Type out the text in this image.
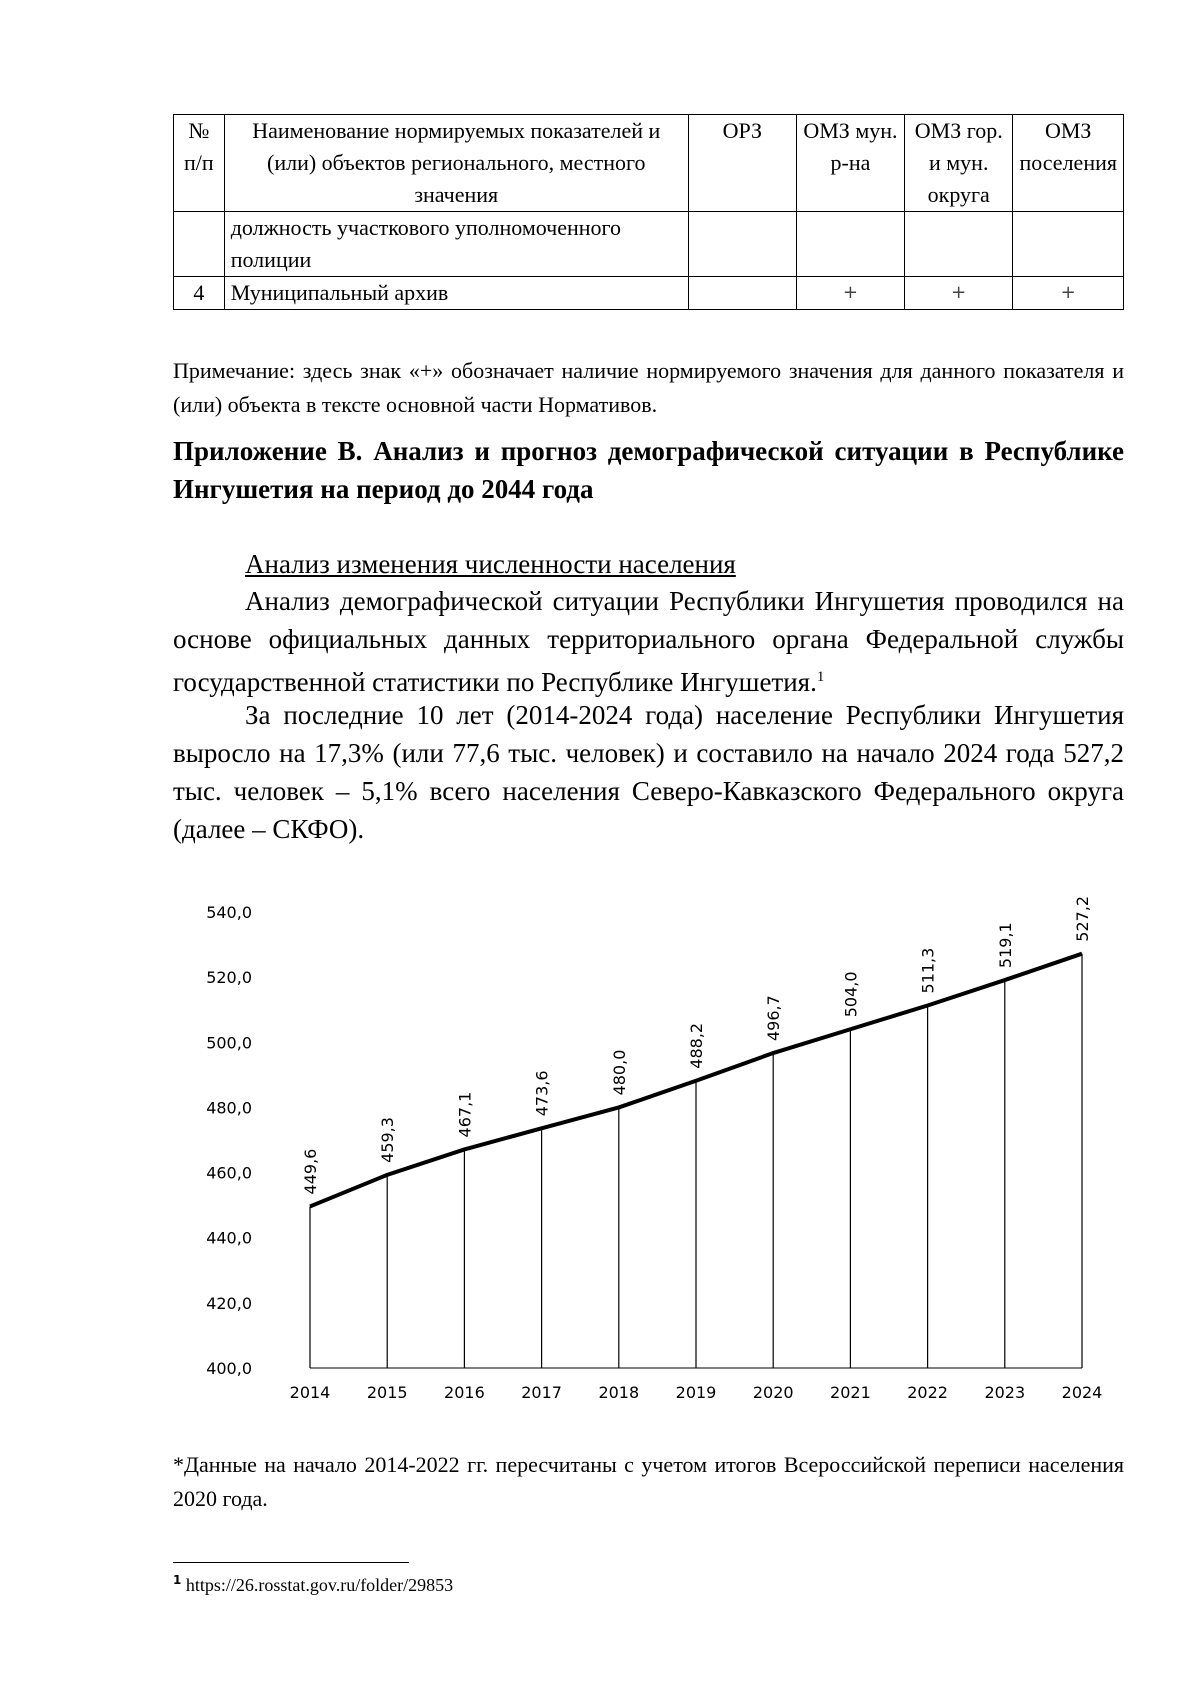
№ п/п	Наименование нормируемых показателей и (или) объектов регионального, местного значения	ОРЗ	ОМЗ мун. р-на	ОМЗ гор. и мун. округа	ОМЗ поселения
	должность участкового уполномоченного полиции				
4	Муниципальный архив		+	+	+
Примечание: здесь знак «+» обозначает наличие нормируемого значения для данного показателя и (или) объекта в тексте основной части Нормативов.
Приложение В. Анализ и прогноз демографической ситуации в Республике Ингушетия на период до 2044 года
Анализ изменения численности населения
Анализ демографической ситуации Республики Ингушетия проводился на основе официальных данных территориального органа Федеральной службы государственной статистики по Республике Ингушетия.$^1$
За последние 10 лет (2014-2024 года) население Республики Ингушетия выросло на 17,3% (или 77,6 тыс. человек) и составило на начало 2024 года 527,2 тыс. человек – 5,1% всего населения Северо-Кавказского Федерального округа (далее – СКФО).
400,0
420,0
440,0
460,0
480,0
500,0
520,0
540,0
2014 2015 2016 2017 2018 2019 2020 2021 2022 2023 2024
449,6
459,3
467,1	473,6	480,0
488,2
496,7
504,0
511,3
519,1
527,2
*Данные на начало 2014-2022 гг. пересчитаны с учетом итогов Всероссийской переписи населения 2020 года.
$^1$ https://26.rosstat.gov.ru/folder/29853
